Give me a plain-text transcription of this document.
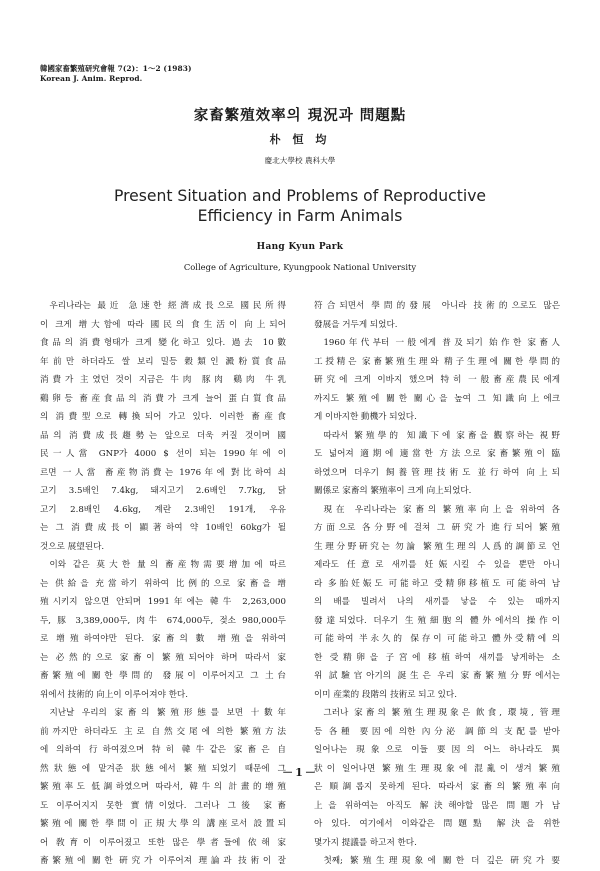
韓國家畜繁殖研究會報 7(2)：1～2 (1983)
Korean J. Anim. Reprod.
家畜繁殖效率의 現況과 問題點
朴 恒 均
慶北大學校 農科大學
Present Situation and Problems of Reproductive
Efficiency in Farm Animals
Hang Kyun Park
College of Agriculture, Kyungpook National University
우리나라는 最近 急速한 經濟成長으로 國民所得
이 크게 增大함에 따라 國民의 食生活이 向上되어
食品의 消費형태가 크게 變化하고 있다. 過去 10數
年前만 하더라도 쌀 보리 밀등 穀類인 澱粉質食品
消費가 主였던 것이 지금은 牛肉 豚肉 鷄肉 牛乳
鷄卵등 畜産食品의 消費가 크게 늘어 蛋白質食品
의 消費型으로 轉換되어 가고 있다. 이러한 畜産食
品의 消費成長趨勢는 앞으로 더욱 커질 것이며 國
民一人當 GNP가 4000 $ 선이 되는 1990年에 이
르면 一人當 畜産物消費는 1976年에 對比하여 쇠
고기 3.5배인 7.4kg, 돼지고기 2.6배인 7.7kg, 닭
고기 2.8배인 4.6kg, 계란 2.3배인 191개, 우유
는 그 消費成長이 顯著하여 약 10배인 60kg가 될
것으로 展望된다.
이와 같은 莫大한 量의 畜産物需要增加에 따르
는 供給을 充當하기 위하여 比例的으로 家畜을 增
殖시키지 않으면 안되며 1991年에는 韓牛 2,263,000
두, 豚 3,389,000두, 肉牛 674,000두, 젖소 980,000두
로 增殖하여야만 된다. 家畜의 數 增殖을 위하여
는 必然的으로 家畜이 繁殖되어야 하며 따라서 家
畜繁殖에 關한 學問的 發展이 이루어지고 그 土台
위에서 技術的 向上이 이루어져야 한다.
지난날 우리의 家畜의 繁殖形態를 보면 十數年
前까지만 하더라도 主로 自然交尾에 의한 繁殖方法
에 의하여 行하여졌으며 特히 韓牛같은 家畜은 自
然狀態에 맡겨준 狀態에서 繁殖되었기 때문에 그
繁殖率도 低調하였으며 따라서, 韓牛의 計畫的增殖
도 이루어지지 못한 實情이었다. 그러나 그後 家畜
繁殖에 關한 學問이 正規大學의 講座로서 設置되
어 敎育이 이루어졌고 또한 많은 學者들에 依해 家
畜繁殖에 關한 硏究가 이루어져 理論과 技術이 잘
符合되면서 學問的發展 아니라 技術的으로도 많은
發展을 거두게 되었다.
1960年代부터 一般에게 普及되기 始作한 家畜人
工授精은 家畜繁殖生理와 精子生理에 關한 學問的
硏究에 크게 이바지 했으며 特히 一般畜産農民에게
까지도 繁殖에 關한 關心을 높여 그 知識向上에크
게 이바지한 動機가 되었다.
따라서 繁殖學的 知識下에 家畜을 觀察하는 視野
도 넓어져 適期에 適當한 方法으로 家畜繁殖이 臨
하였으며 더우기 飼養管理技術도 並行하여 向上되
關係로 家畜의 繁殖率이 크게 向上되었다.
現在 우리나라는 家畜의 繁殖率向上을 위하여 各
方面으로 各分野에 걸쳐 그 硏究가 進行되어 繁殖
生理分野硏究는 勿論 繁殖生理의 人爲的調節로 언
제라도 任意로 새끼를 妊娠시킬 수 있을 뿐만 아니
라 多胎妊娠도 可能하고 受精卵移植도 可能하여 남
의 배를 빌려서 나의 새끼를 낳을 수 있는 때까지
發達되었다. 더우기 生殖細胞의 體外에서의 操作이
可能하여 半永久的 保存이 可能하고 體外受精에 의
한 受精卵을 子宮에 移植하여 새끼를 낳게하는 소
위 試驗官아기의 誕生은 우리 家畜繁殖分野에서는
이미 産業的 段階의 技術로 되고 있다.
그러나 家畜의 繁殖生理現象은 飮食, 環境, 管理
등 各種 要因에 의한 內分泌 調節의 支配를 받아
일어나는 現象으로 이들 要因의 어느 하나라도 異
狀이 일어나면 繁殖生理現象에 混亂이 생겨 繁殖
은 順調롭지 못하게 된다. 따라서 家畜의 繁殖率向
上을 위하여는 아직도 解決해야할 많은 問題가 남
아 있다. 여기에서 이와같은 問題點 解決을 위한
몇가지 提議를 하고저 한다.
첫째; 繁殖生理現象에 關한 더 깊은 硏究가 要
－1－
